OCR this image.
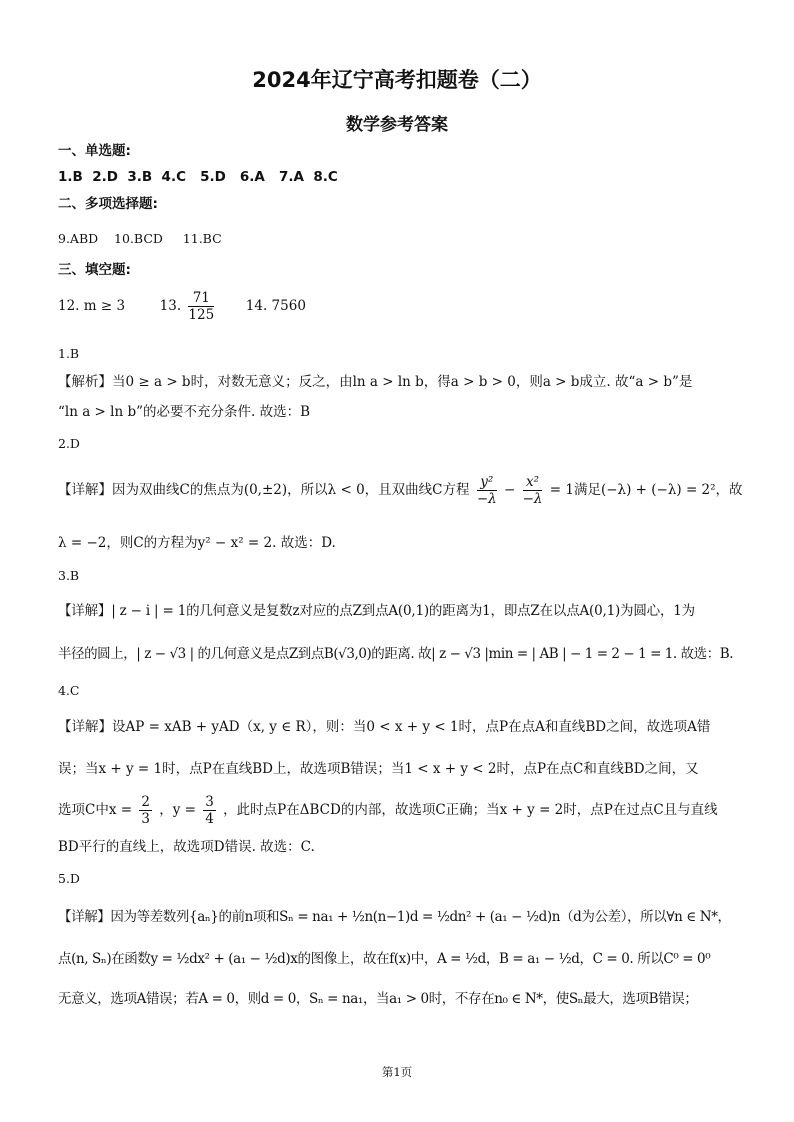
2024年辽宁高考扣题卷（二）
数学参考答案
一、单选题:
1.B  2.D  3.B  4.C   5.D   6.A   7.A  8.C
二、多项选择题:
9.ABD    10.BCD     11.BC
三、填空题:
12. m ≥ 3	13. $\frac{71}{125} 14$. 7560
1.B
【解析】当0 ≥ a > b时，对数无意义；反之，由ln a > ln b，得a > b > 0，则a > b成立. 故“a > b”是
“ln a > ln b”的必要不充分条件. 故选：B
2.D
【详解】因为双曲线C的焦点为(0,±2)，所以λ < 0，且双曲线C方程 $\frac{\text{y²}}{-\lambda} - \frac{\text{x²}}{-\lambda} = 1$满足(−λ) + (−λ) = 2²，故
λ = −2，则C的方程为y² − x² = 2. 故选：D.
3.B
【详解】| z − i | = 1的几何意义是复数z对应的点Z到点A(0,1)的距离为1，即点Z在以点A(0,1)为圆心，1为
半径的圆上，| z − √3 | 的几何意义是点Z到点B(√3,0)的距离. 故| z − √3 |min = | AB | − 1 = 2 − 1 = 1. 故选：B.
4.C
【详解】设AP = xAB + yAD（x, y ∈ R），则：当0 < x + y < 1时，点P在点A和直线BD之间，故选项A错
误；当x + y = 1时，点P在直线BD上，故选项B错误；当1 < x + y < 2时，点P在点C和直线BD之间，又
选项C中$x = \frac{2}{3}$ ，$y = \frac{3}{4}$ ，此时点P在ΔBCD的内部，故选项C正确；当x + y = 2时，点P在过点C且与直线
BD平行的直线上，故选项D错误. 故选：C.
5.D
【详解】因为等差数列{aₙ}的前n项和Sₙ = na₁ + ½n(n−1)d = ½dn² + (a₁ − ½d)n（d为公差），所以∀n ∈ N*，
点(n, Sₙ)在函数y = ½dx² + (a₁ − ½d)x的图像上，故在f(x)中，A = ½d，B = a₁ − ½d，C = 0. 所以C⁰ = 0⁰
无意义，选项A错误；若A = 0，则d = 0，Sₙ = na₁，当a₁ > 0时，不存在n₀ ∈ N*，使Sₙ最大，选项B错误；
第1页
